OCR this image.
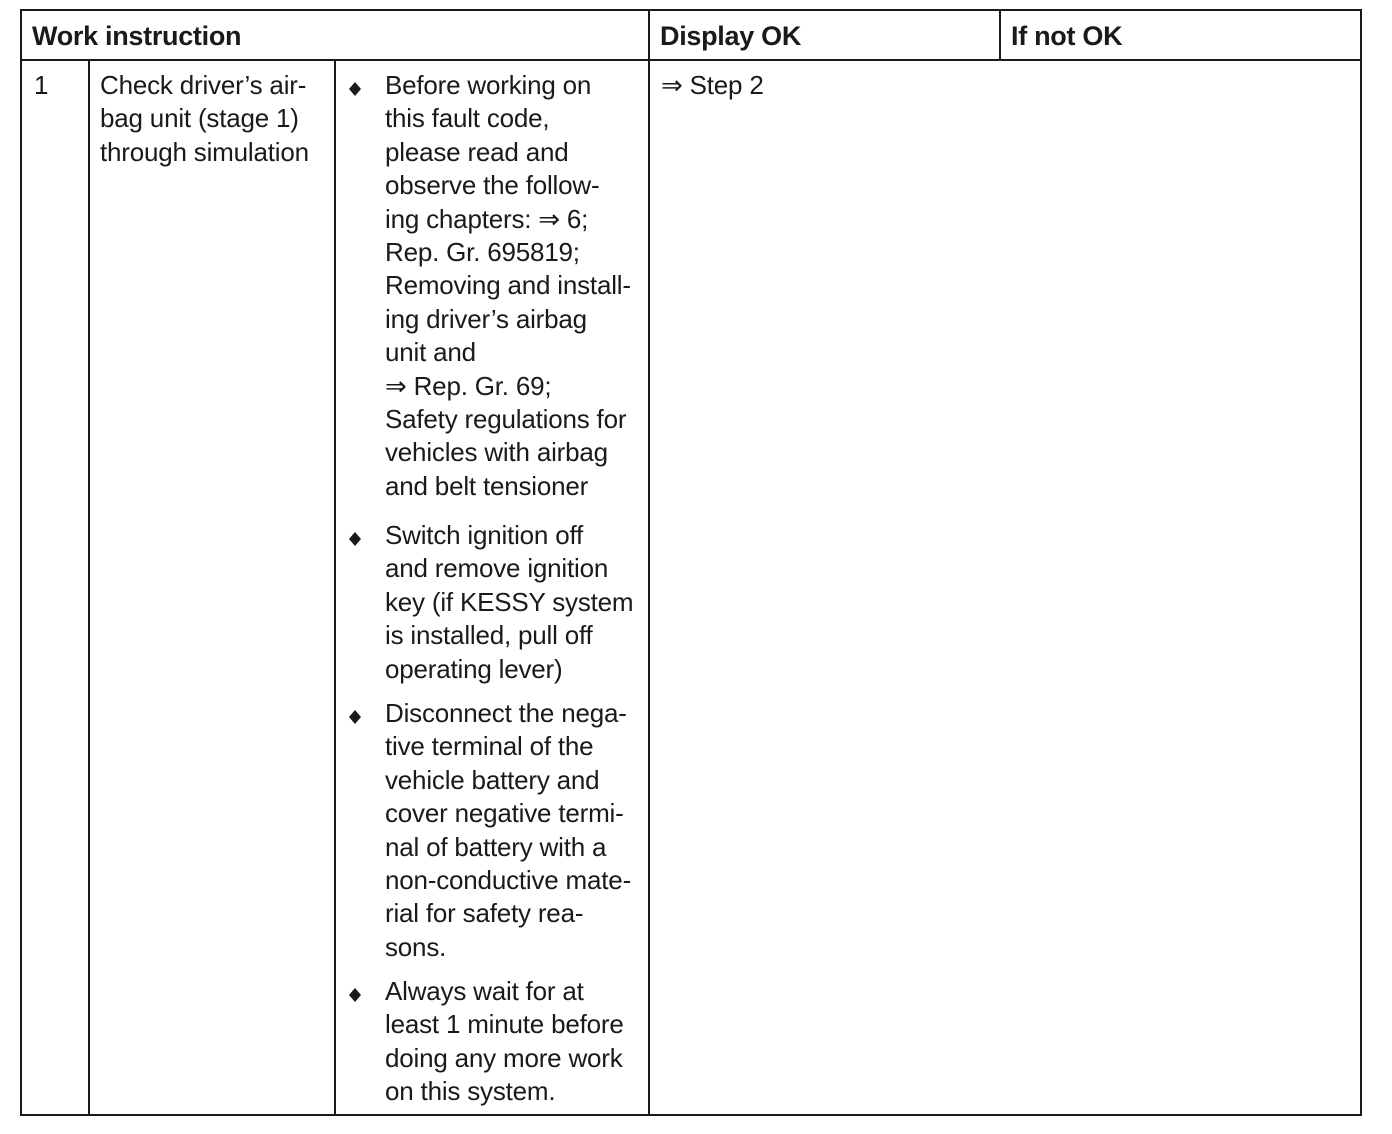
Work instruction	Display OK	If not OK
1 Check driver’s air-
bag unit (stage 1)
through simulation
Before working on
this fault code,
please read and
observe the follow-
ing chapters: ⇒ 6;
Rep. Gr. 695819;
Removing and install-
ing driver’s airbag
unit and
⇒ Rep. Gr. 69;
Safety regulations for
vehicles with airbag
and belt tensioner
Switch ignition off
and remove ignition
key (if KESSY system
is installed, pull off
operating lever)
Disconnect the nega-
tive terminal of the
vehicle battery and
cover negative termi-
nal of battery with a
non-conductive mate-
rial for safety rea-
sons.
Always wait for at
least 1 minute before
doing any more work
on this system.
⇒ Step 2
